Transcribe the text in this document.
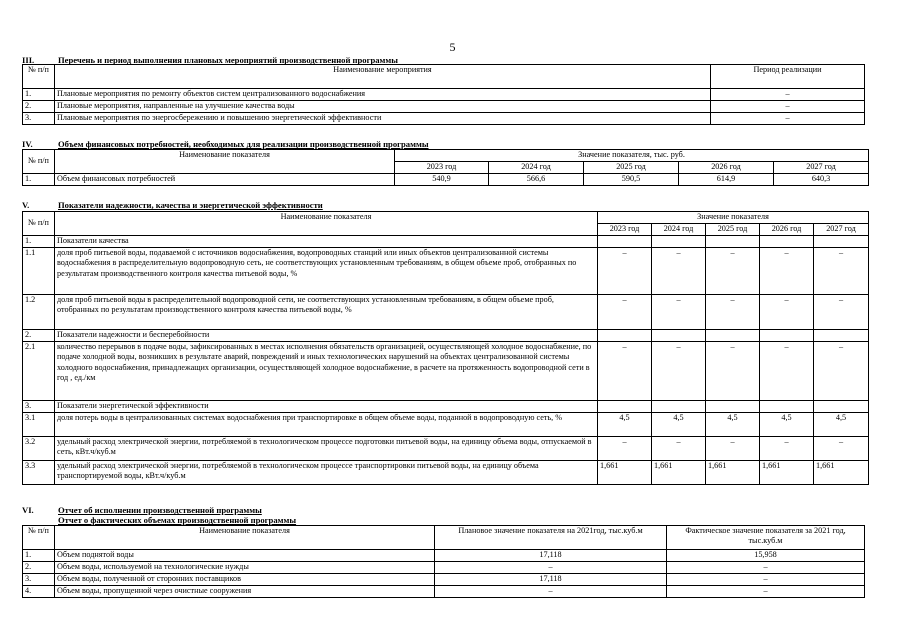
5
III.	Перечень и период выполнения плановых мероприятий производственной программы
№ п/п	Наименование мероприятия	Период реализации
1.	Плановые мероприятия по ремонту объектов систем централизованного водоснабжения	–
2.	Плановые мероприятия, направленные на улучшение качества воды	–
3.	Плановые мероприятия по энергосбережению и повышению энергетической эффективности	–
IV.	Объем финансовых потребностей, необходимых для реализации производственной программы
№ п/п	Наименование показателя	Значение показателя, тыс. руб.				
		2023 год	2024 год	2025 год	2026 год	2027 год
1.	Объем финансовых потребностей	540,9	566,6	590,5	614,9	640,3
V.	Показатели надежности, качества и энергетической эффективности
№ п/п	Наименование показателя	Значение показателя				
		2023 год	2024 год	2025 год	2026 год	2027 год
1.	Показатели качества					
1.1	доля проб питьевой воды, подаваемой с источников водоснабжения, водопроводных станций или иных объектов централизованной системы водоснабжения в распределительную водопроводную сеть, не соответствующих установленным требованиям, в общем объеме проб, отобранных по результатам производственного контроля качества питьевой воды, %	–	–	–	–	–
1.2	доля проб питьевой воды в распределительной водопроводной сети, не соответствующих установленным требованиям, в общем объеме проб, отобранных по результатам производственного контроля качества питьевой воды, %	–	–	–	–	–
2.	Показатели надежности и бесперебойности					
2.1	количество перерывов в подаче воды, зафиксированных в местах исполнения обязательств организацией, осуществляющей холодное водоснабжение, по подаче холодной воды, возникших в результате аварий, повреждений и иных технологических нарушений на объектах централизованной системы холодного водоснабжения, принадлежащих организации, осуществляющей холодное водоснабжение, в расчете на протяженность водопроводной сети в год , ед./км	–	–	–	–	–
3.	Показатели энергетической эффективности					
3.1	доля потерь воды в централизованных системах водоснабжения при транспортировке в общем объеме воды, поданной в водопроводную сеть, %	4,5	4,5	4,5	4,5	4,5
3.2	удельный расход электрической энергии, потребляемой в технологическом процессе подготовки питьевой воды, на единицу объема воды, отпускаемой в сеть, кВт.ч/куб.м	–	–	–	–	–
3.3	удельный расход электрической энергии, потребляемой в технологическом процессе транспортировки питьевой воды, на единицу объема транспортируемой воды, кВт.ч/куб.м	1,661	1,661	1,661	1,661	1,661
VI.	Отчет об исполнении производственной программы
Отчет о фактических объемах производственной программы
№ п/п	Наименование показателя	Плановое значение показателя на 2021год, тыс.куб.м	Фактическое значение показателя за 2021 год, тыс.куб.м
1.	Объем поднятой воды	17,118	15,958
2.	Объем воды, используемой на технологические нужды	–	–
3.	Объем воды, полученной от сторонних поставщиков	17,118	–
4.	Объем воды, пропущенной через очистные сооружения	–	–
